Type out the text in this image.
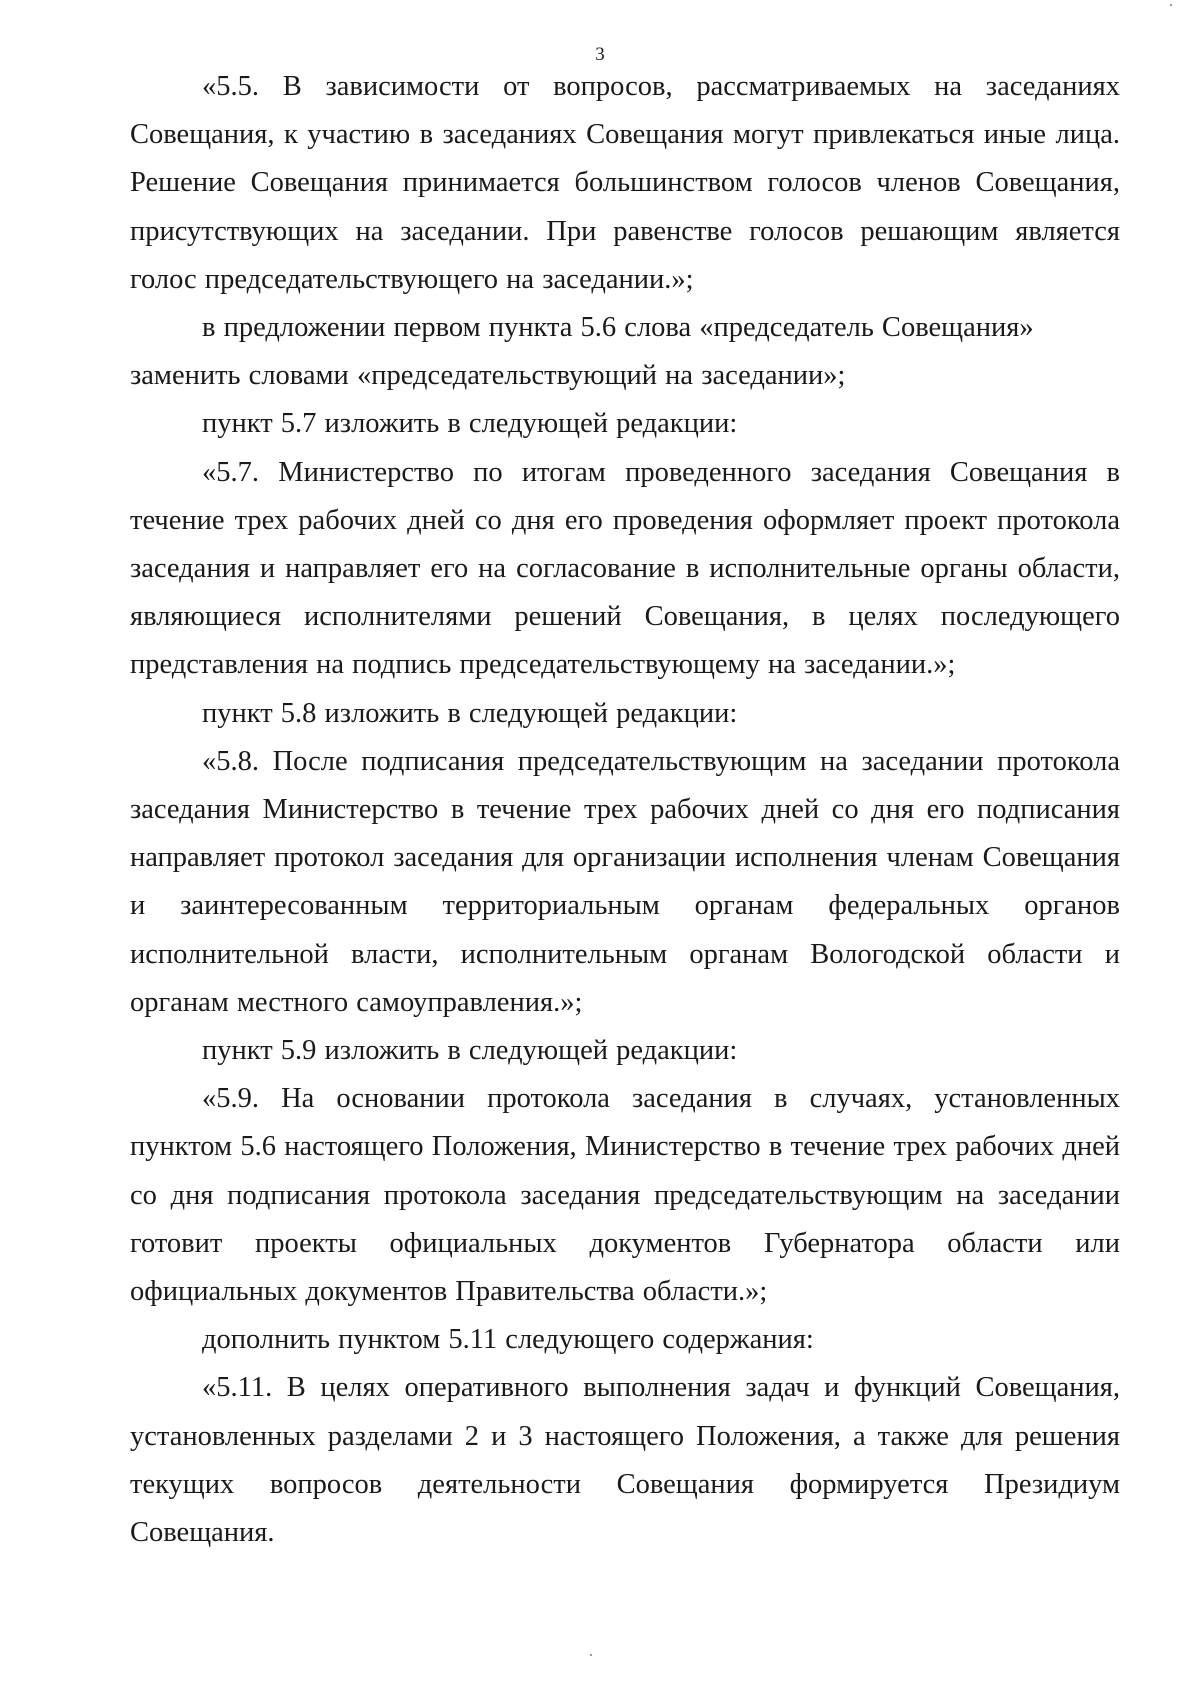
3

«5.5. В зависимости от вопросов, рассматриваемых на заседаниях Совещания, к участию в заседаниях Совещания могут привлекаться иные лица. Решение Совещания принимается большинством голосов членов Совещания, присутствующих на заседании. При равенстве голосов решающим является голос председательствующего на заседании.»;

в предложении первом пункта 5.6 слова «председатель Совещания» заменить словами «председательствующий на заседании»;

пункт 5.7 изложить в следующей редакции:

«5.7. Министерство по итогам проведенного заседания Совещания в течение трех рабочих дней со дня его проведения оформляет проект протокола заседания и направляет его на согласование в исполнительные органы области, являющиеся исполнителями решений Совещания, в целях последующего представления на подпись председательствующему на заседании.»;

пункт 5.8 изложить в следующей редакции:

«5.8. После подписания председательствующим на заседании протокола заседания Министерство в течение трех рабочих дней со дня его подписания направляет протокол заседания для организации исполнения членам Совещания и заинтересованным территориальным органам федеральных органов исполнительной власти, исполнительным органам Вологодской области и органам местного самоуправления.»;

пункт 5.9 изложить в следующей редакции:

«5.9. На основании протокола заседания в случаях, установленных пунктом 5.6 настоящего Положения, Министерство в течение трех рабочих дней со дня подписания протокола заседания председательствующим на заседании готовит проекты официальных документов Губернатора области или официальных документов Правительства области.»;

дополнить пунктом 5.11 следующего содержания:

«5.11. В целях оперативного выполнения задач и функций Совещания, установленных разделами 2 и 3 настоящего Положения, а также для решения текущих вопросов деятельности Совещания формируется Президиум Совещания.
